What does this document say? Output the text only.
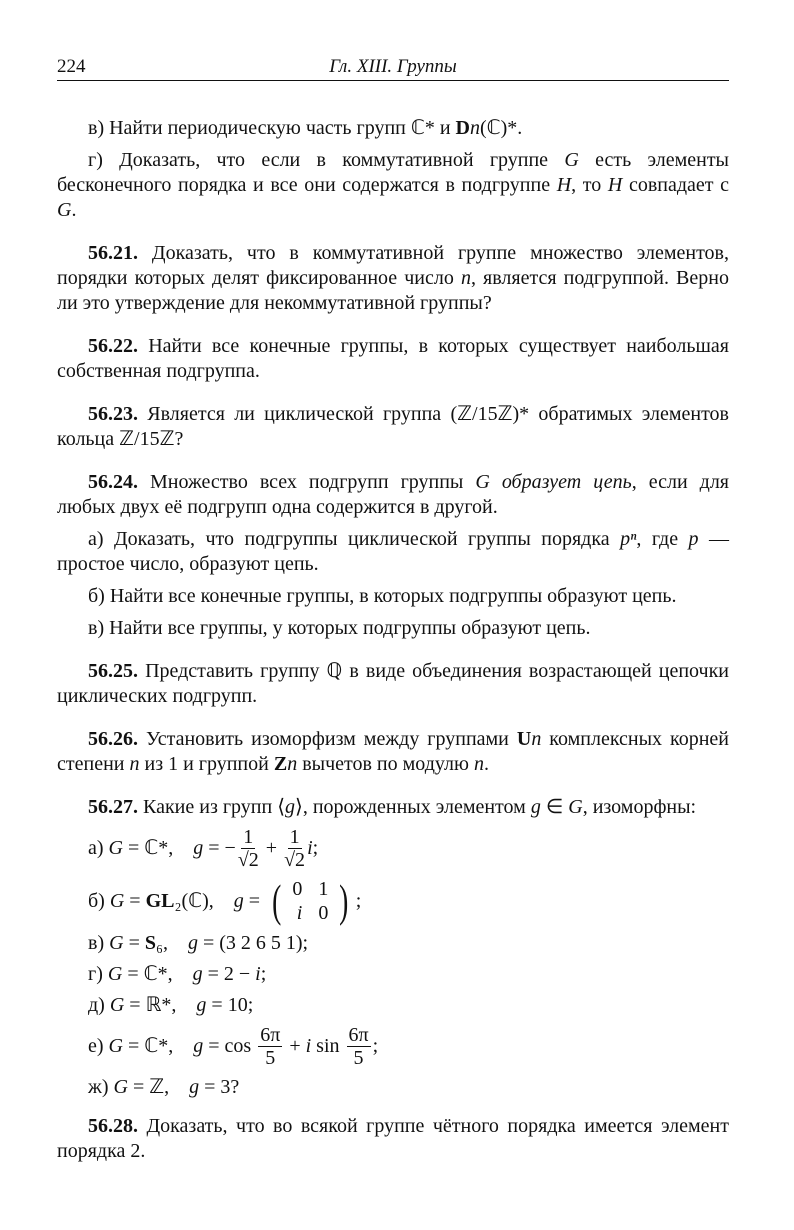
224	Гл. XIII. Группы
в) Найти периодическую часть групп ℂ* и Dn(ℂ)*.
г) Доказать, что если в коммутативной группе G есть элементы бесконечного порядка и все они содержатся в подгруппе H, то H совпадает с G.
56.21. Доказать, что в коммутативной группе множество элементов, порядки которых делят фиксированное число n, является подгруппой. Верно ли это утверждение для некоммутативной группы?
56.22. Найти все конечные группы, в которых существует наибольшая собственная подгруппа.
56.23. Является ли циклической группа (ℤ/15ℤ)* обратимых элементов кольца ℤ/15ℤ?
56.24. Множество всех подгрупп группы G образует цепь, если для любых двух её подгрупп одна содержится в другой.
а) Доказать, что подгруппы циклической группы порядка pⁿ, где p — простое число, образуют цепь.
б) Найти все конечные группы, в которых подгруппы образуют цепь.
в) Найти все группы, у которых подгруппы образуют цепь.
56.25. Представить группу ℚ в виде объединения возрастающей цепочки циклических подгрупп.
56.26. Установить изоморфизм между группами Un комплексных корней степени n из 1 и группой Zn вычетов по модулю n.
56.27. Какие из групп ⟨g⟩, порожденных элементом g ∈ G, изоморфны:
а) G = ℂ*, g = − $\frac{1}{√2} + \frac{1}{√2}$ i ;
б) G = GL ₂(ℂ), g = ( 0	1
i	0 ) ;
в) G = S ₆, g = (3 2 6 5 1);
г) G = ℂ*, g = 2 − i ;
д) G = ℝ*, g = 10;
е) G = ℂ*, $g = \cos \frac{6\pi}{5} + i$ $\sin \frac{6\pi}{5}$ ;
ж) G = ℤ, g = 3?
56.28. Доказать, что во всякой группе чётного порядка имеется элемент порядка 2.
